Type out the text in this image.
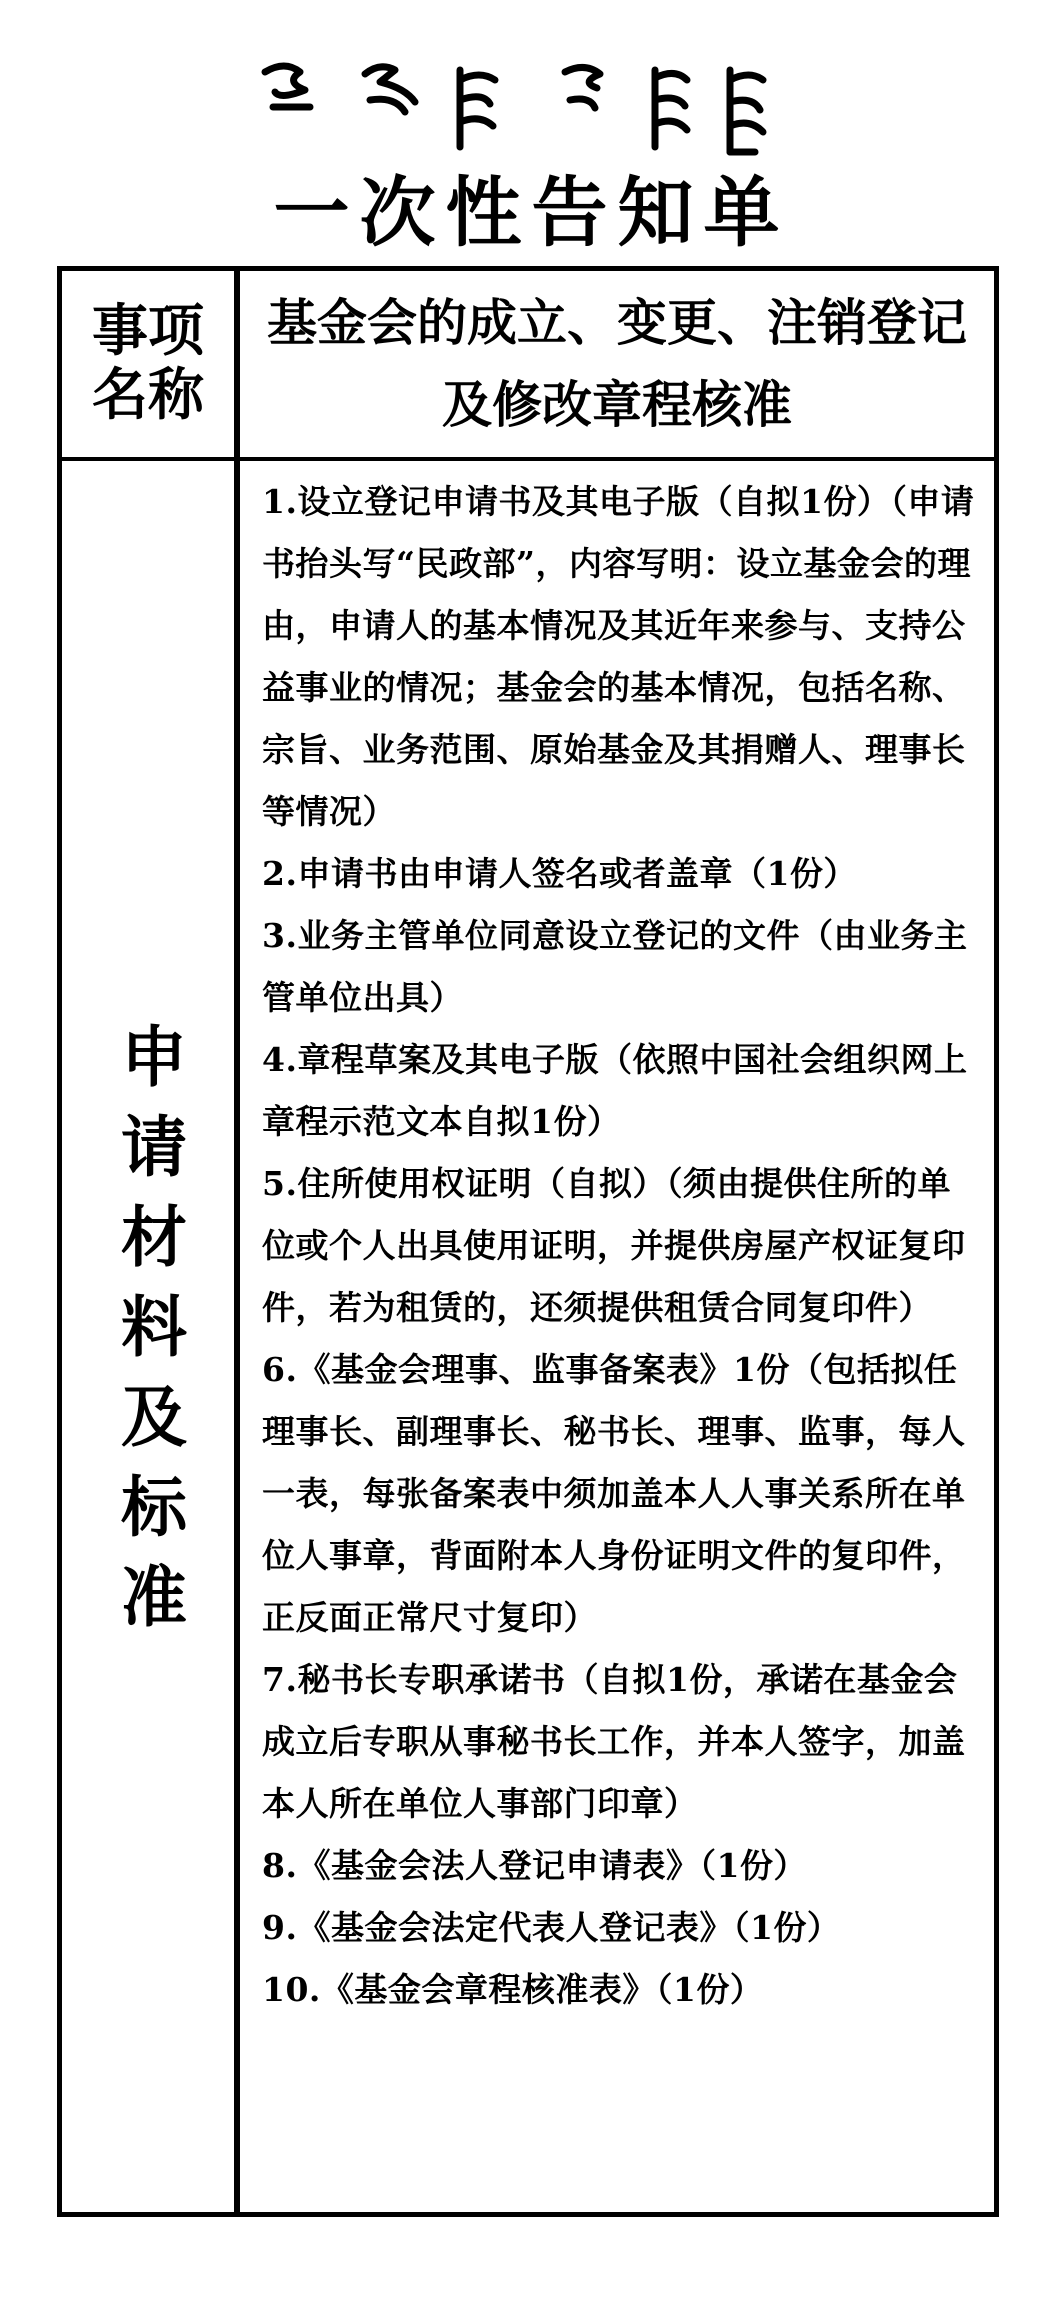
一次性告知单
事项名称
基金会的成立、变更、注销登记及修改章程核准
申请材料及标准
1.设立登记申请书及其电子版（自拟1份）（申请书抬头写“民政部”，内容写明：设立基金会的理由，申请人的基本情况及其近年来参与、支持公益事业的情况；基金会的基本情况，包括名称、宗旨、业务范围、原始基金及其捐赠人、理事长等情况）
2.申请书由申请人签名或者盖章（1份）
3.业务主管单位同意设立登记的文件（由业务主管单位出具）
4.章程草案及其电子版（依照中国社会组织网上章程示范文本自拟1份）
5.住所使用权证明（自拟）（须由提供住所的单位或个人出具使用证明，并提供房屋产权证复印件，若为租赁的，还须提供租赁合同复印件）
6.《基金会理事、监事备案表》1份（包括拟任理事长、副理事长、秘书长、理事、监事，每人一表，每张备案表中须加盖本人人事关系所在单位人事章，背面附本人身份证明文件的复印件，正反面正常尺寸复印）
7.秘书长专职承诺书（自拟1份，承诺在基金会成立后专职从事秘书长工作，并本人签字，加盖本人所在单位人事部门印章）
8.《基金会法人登记申请表》（1份）
9.《基金会法定代表人登记表》（1份）
10.《基金会章程核准表》（1份）
